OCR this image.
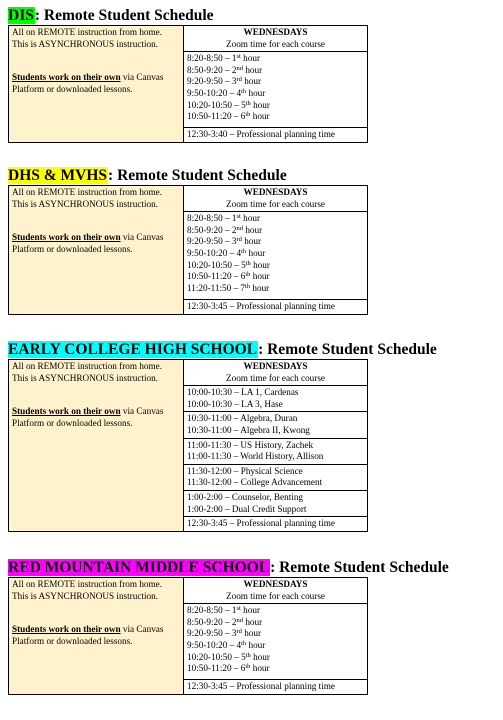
DIS: Remote Student Schedule

All on REMOTE instruction from home. This is ASYNCHRONOUS instruction.

Students work on their own via Canvas Platform or downloaded lessons.

WEDNESDAYS
Zoom time for each course

8:20-8:50 – 1st hour
8:50-9:20 – 2nd hour
9:20-9:50 – 3rd hour
9:50-10:20 – 4th hour
10:20-10:50 – 5th hour
10:50-11:20 – 6th hour

12:30-3:40 – Professional planning time
DHS & MVHS: Remote Student Schedule

All on REMOTE instruction from home. This is ASYNCHRONOUS instruction.

Students work on their own via Canvas Platform or downloaded lessons.

WEDNESDAYS
Zoom time for each course

8:20-8:50 – 1st hour
8:50-9:20 – 2nd hour
9:20-9:50 – 3rd hour
9:50-10:20 – 4th hour
10:20-10:50 – 5th hour
10:50-11:20 – 6th hour
11:20-11:50 – 7th hour

12:30-3:45 – Professional planning time
EARLY COLLEGE HIGH SCHOOL: Remote Student Schedule

All on REMOTE instruction from home. This is ASYNCHRONOUS instruction.

Students work on their own via Canvas Platform or downloaded lessons.

WEDNESDAYS
Zoom time for each course

10:00-10:30 – LA 1, Cardenas
10:00-10:30 – LA 3, Hase

10:30-11:00 – Algebra, Duran
10:30-11:00 – Algebra II, Kwong

11:00-11:30 – US History, Zachek
11:00-11:30 – World History, Allison

11:30-12:00 – Physical Science
11:30-12:00 – College Advancement

1:00-2:00 – Counselor, Benting
1:00-2:00 – Dual Credit Support

12:30-3:45 – Professional planning time
RED MOUNTAIN MIDDLE SCHOOL: Remote Student Schedule

All on REMOTE instruction from home. This is ASYNCHRONOUS instruction.

Students work on their own via Canvas Platform or downloaded lessons.

WEDNESDAYS
Zoom time for each course

8:20-8:50 – 1st hour
8:50-9:20 – 2nd hour
9:20-9:50 – 3rd hour
9:50-10:20 – 4th hour
10:20-10:50 – 5th hour
10:50-11:20 – 6th hour

12:30-3:45 – Professional planning time
